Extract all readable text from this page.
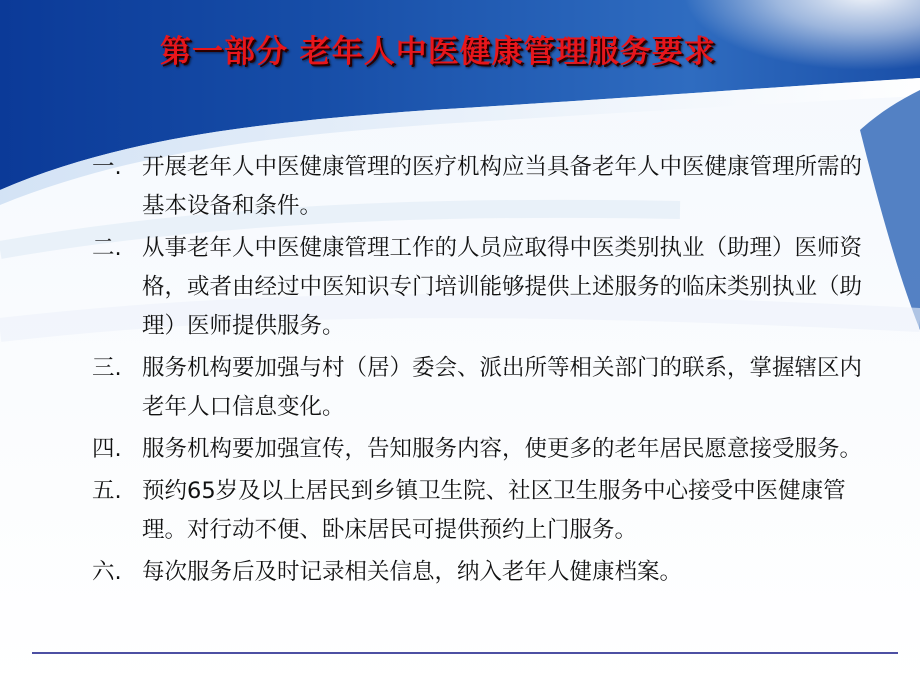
第一部分 老年人中医健康管理服务要求
一. 开展老年人中医健康管理的医疗机构应当具备老年人中医健康管理所需的基本设备和条件。
二. 从事老年人中医健康管理工作的人员应取得中医类别执业（助理）医师资格，或者由经过中医知识专门培训能够提供上述服务的临床类别执业（助理）医师提供服务。
三. 服务机构要加强与村（居）委会、派出所等相关部门的联系，掌握辖区内老年人口信息变化。
四. 服务机构要加强宣传，告知服务内容，使更多的老年居民愿意接受服务。
五. 预约65岁及以上居民到乡镇卫生院、社区卫生服务中心接受中医健康管理。对行动不便、卧床居民可提供预约上门服务。
六. 每次服务后及时记录相关信息，纳入老年人健康档案。
